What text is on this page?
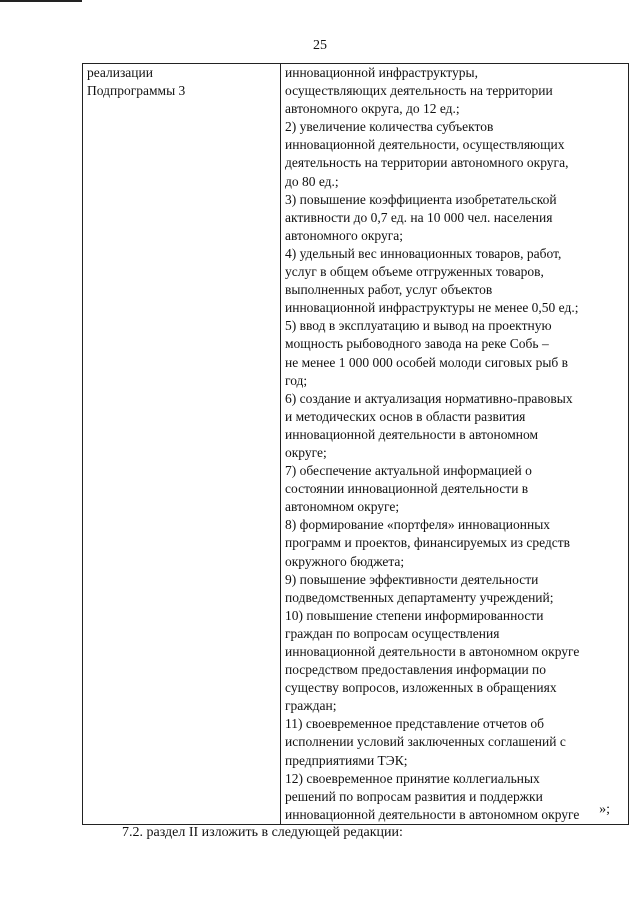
25
реализации
Подпрограммы 3

инновационной инфраструктуры,
осуществляющих деятельность на территории
автономного округа, до 12 ед.;
2) увеличение количества субъектов
инновационной деятельности, осуществляющих
деятельность на территории автономного округа,
до 80 ед.;
3) повышение коэффициента изобретательской
активности до 0,7 ед. на 10 000 чел. населения
автономного округа;
4) удельный вес инновационных товаров, работ,
услуг в общем объеме отгруженных товаров,
выполненных работ, услуг объектов
инновационной инфраструктуры не менее 0,50 ед.;
5) ввод в эксплуатацию и вывод на проектную
мощность рыбоводного завода на реке Собь –
не менее 1 000 000 особей молоди сиговых рыб в
год;
6) создание и актуализация нормативно-правовых
и методических основ в области развития
инновационной деятельности в автономном
округе;
7) обеспечение актуальной информацией о
состоянии инновационной деятельности в
автономном округе;
8) формирование «портфеля» инновационных
программ и проектов, финансируемых из средств
окружного бюджета;
9) повышение эффективности деятельности
подведомственных департаменту учреждений;
10) повышение степени информированности
граждан по вопросам осуществления
инновационной деятельности в автономном округе
посредством предоставления информации по
существу вопросов, изложенных в обращениях
граждан;
11) своевременное представление отчетов об
исполнении условий заключенных соглашений с
предприятиями ТЭК;
12) своевременное принятие коллегиальных
решений по вопросам развития и поддержки
инновационной деятельности в автономном округе	»;
7.2. раздел II изложить в следующей редакции:
